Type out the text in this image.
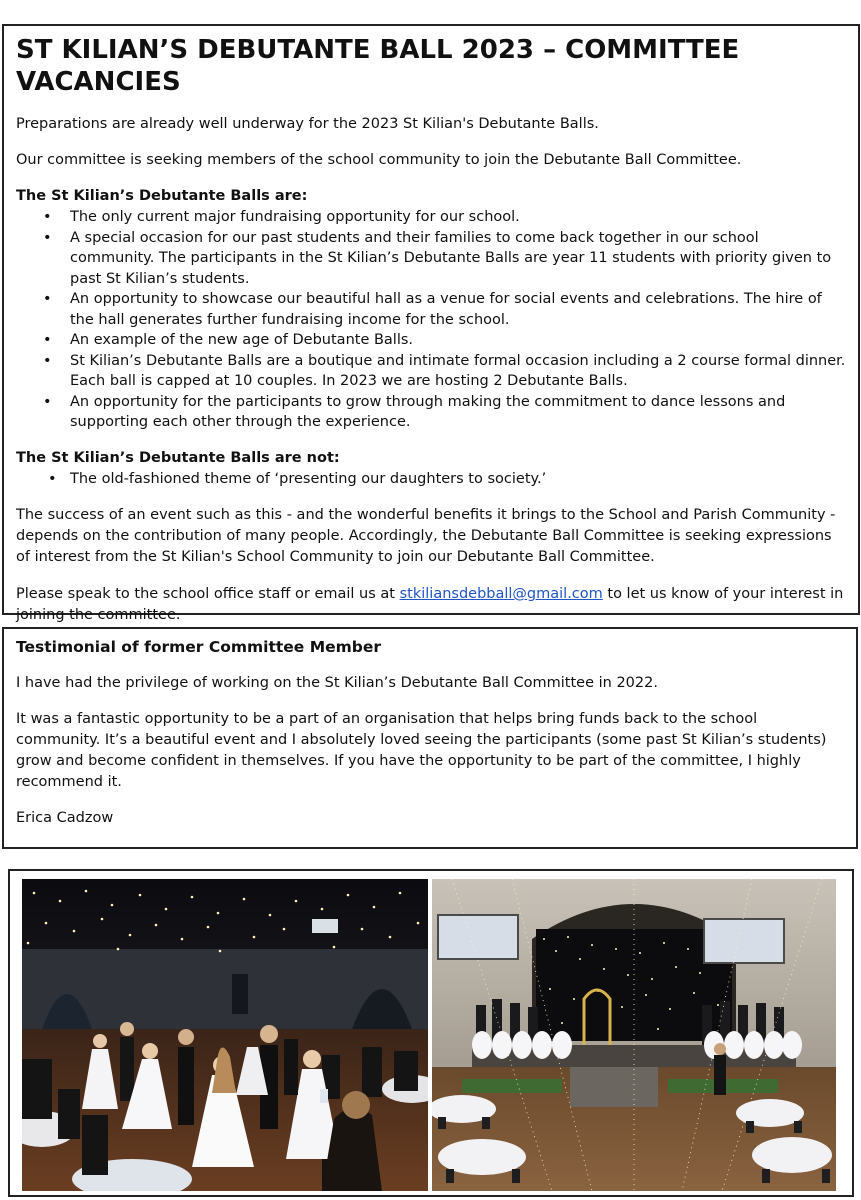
ST KILIAN’S DEBUTANTE BALL 2023 – COMMITTEE VACANCIES

Preparations are already well underway for the 2023 St Kilian's Debutante Balls.

Our committee is seeking members of the school community to join the Debutante Ball Committee.

The St Kilian’s Debutante Balls are:

• The only current major fundraising opportunity for our school.
• A special occasion for our past students and their families to come back together in our school community. The participants in the St Kilian’s Debutante Balls are year 11 students with priority given to past St Kilian’s students.
• An opportunity to showcase our beautiful hall as a venue for social events and celebrations. The hire of the hall generates further fundraising income for the school.
• An example of the new age of Debutante Balls.
• St Kilian’s Debutante Balls are a boutique and intimate formal occasion including a 2 course formal dinner. Each ball is capped at 10 couples. In 2023 we are hosting 2 Debutante Balls.
• An opportunity for the participants to grow through making the commitment to dance lessons and supporting each other through the experience.

The St Kilian’s Debutante Balls are not:

• The old-fashioned theme of ‘presenting our daughters to society.’

The success of an event such as this - and the wonderful benefits it brings to the School and Parish Community - depends on the contribution of many people. Accordingly, the Debutante Ball Committee is seeking expressions of interest from the St Kilian's School Community to join our Debutante Ball Committee.

Please speak to the school office staff or email us at stkiliansdebball@gmail.com to let us know of your interest in joining the committee.

Testimonial of former Committee Member

I have had the privilege of working on the St Kilian’s Debutante Ball Committee in 2022.

It was a fantastic opportunity to be a part of an organisation that helps bring funds back to the school community. It’s a beautiful event and I absolutely loved seeing the participants (some past St Kilian’s students) grow and become confident in themselves. If you have the opportunity to be part of the committee, I highly recommend it.

Erica Cadzow
